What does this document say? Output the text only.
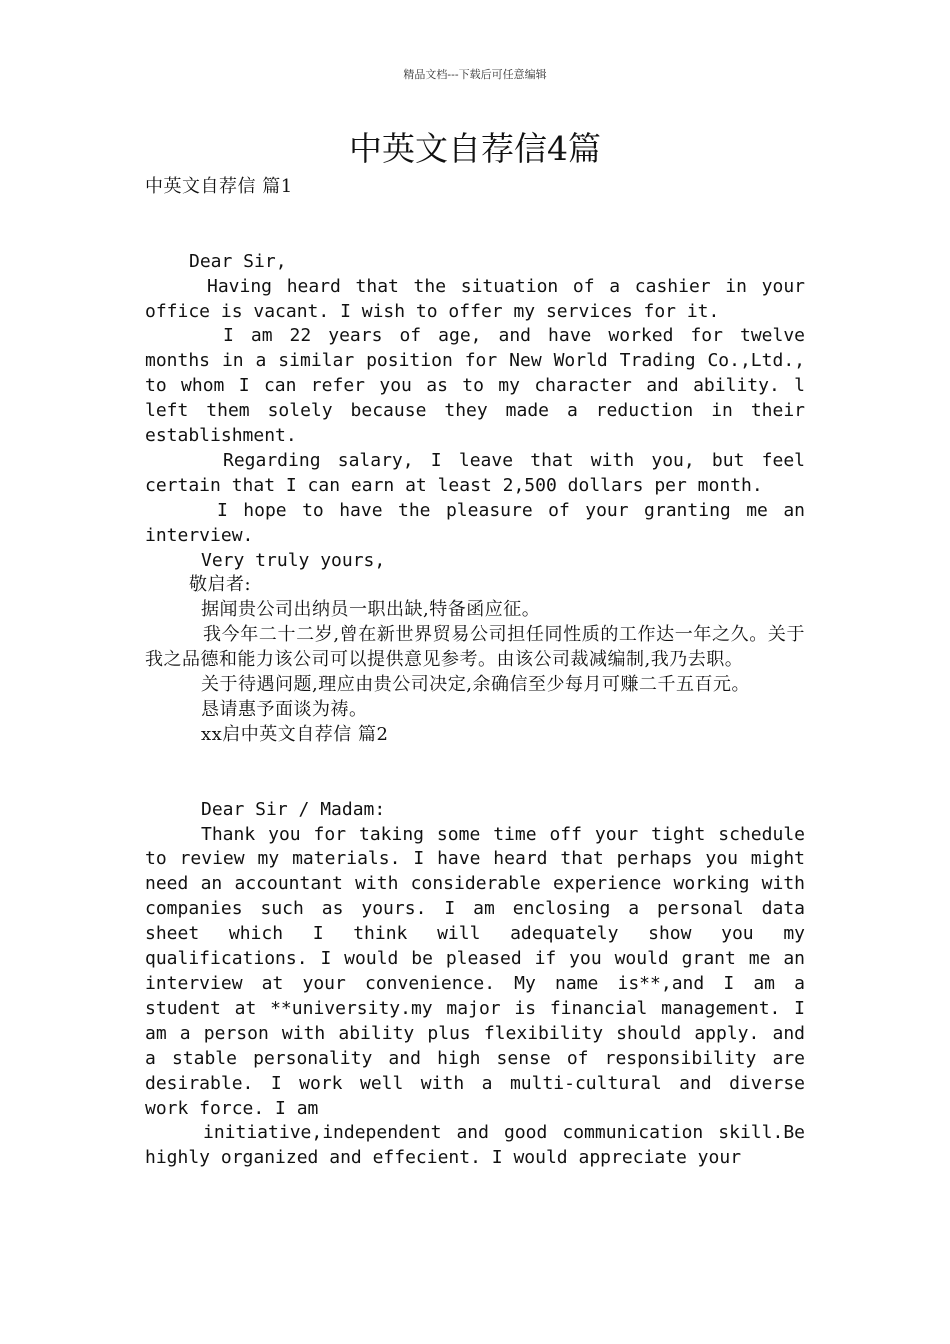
精品文档---下载后可任意编辑
中英文自荐信4篇

中英文自荐信 篇1

Dear Sir,

Having heard that the situation of a cashier in your office is vacant. I wish to offer my services for it.

I am 22 years of age, and have worked for twelve months in a similar position for New World Trading Co.,Ltd., to whom I can refer you as to my character and ability. l left them solely because they made a reduction in their establishment.

Regarding salary, I leave that with you, but feel certain that I can earn at least 2,500 dollars per month.

I hope to have the pleasure of your granting me an interview.

Very truly yours,

敬启者:

据闻贵公司出纳员一职出缺,特备函应征。

我今年二十二岁,曾在新世界贸易公司担任同性质的工作达一年之久。关于我之品德和能力该公司可以提供意见参考。由该公司裁减编制,我乃去职。

关于待遇问题,理应由贵公司决定,余确信至少每月可赚二千五百元。

恳请惠予面谈为祷。

xx启中英文自荐信 篇2

Dear Sir / Madam:

Thank you for taking some time off your tight schedule to review my materials. I have heard that perhaps you might need an accountant with considerable experience working with companies such as yours. I am enclosing a personal data sheet which I think will adequately show you my qualifications. I would be pleased if you would grant me an interview at your convenience. My name is**,and I am a student at **university.my major is financial management. I am a person with ability plus flexibility should apply. and a stable personality and high sense of responsibility are desirable. I work well with a multi-cultural and diverse work force. I am

initiative,independent and good communication skill.Be highly organized and effecient. I would appreciate your
